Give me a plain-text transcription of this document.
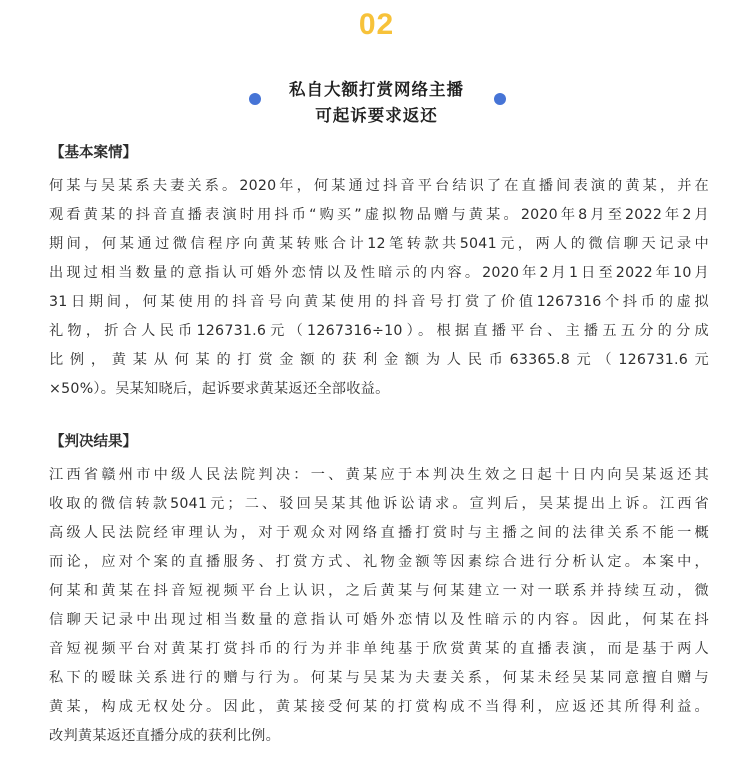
02
私自大额打赏网络主播
可起诉要求返还
【基本案情】
何某与吴某系夫妻关系。2020年，何某通过抖音平台结识了在直播间表演的黄某，并在
观看黄某的抖音直播表演时用抖币“购买”虚拟物品赠与黄某。2020年8月至2022年2月
期间，何某通过微信程序向黄某转账合计12笔转款共5041元，两人的微信聊天记录中
出现过相当数量的意指认可婚外恋情以及性暗示的内容。2020年2月1日至2022年10月
31日期间，何某使用的抖音号向黄某使用的抖音号打赏了价值1267316个抖币的虚拟
礼物，折合人民币126731.6元（1267316÷10）。根据直播平台、主播五五分的分成
比例，黄某从何某的打赏金额的获利金额为人民币63365.8元（126731.6元
×50%）。吴某知晓后，起诉要求黄某返还全部收益。
【判决结果】
江西省赣州市中级人民法院判决：一、黄某应于本判决生效之日起十日内向吴某返还其
收取的微信转款5041元；二、驳回吴某其他诉讼请求。宣判后，吴某提出上诉。江西省
高级人民法院经审理认为，对于观众对网络直播打赏时与主播之间的法律关系不能一概
而论，应对个案的直播服务、打赏方式、礼物金额等因素综合进行分析认定。本案中，
何某和黄某在抖音短视频平台上认识，之后黄某与何某建立一对一联系并持续互动，微
信聊天记录中出现过相当数量的意指认可婚外恋情以及性暗示的内容。因此，何某在抖
音短视频平台对黄某打赏抖币的行为并非单纯基于欣赏黄某的直播表演，而是基于两人
私下的暧昧关系进行的赠与行为。何某与吴某为夫妻关系，何某未经吴某同意擅自赠与
黄某，构成无权处分。因此，黄某接受何某的打赏构成不当得利，应返还其所得利益。
改判黄某返还直播分成的获利比例。
